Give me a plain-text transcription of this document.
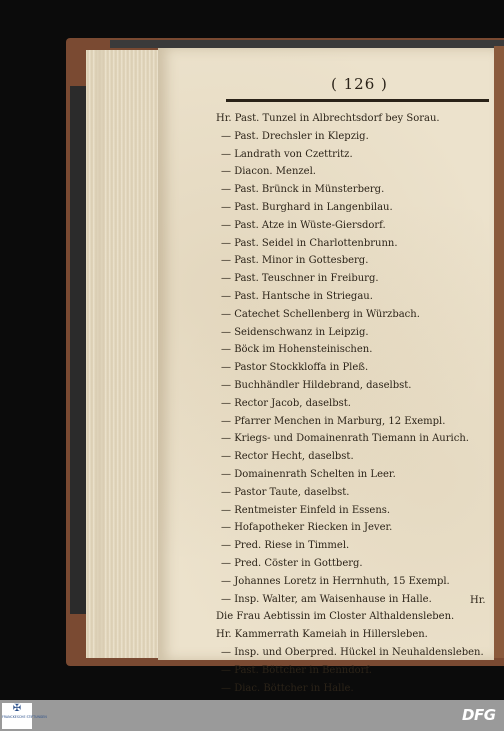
( 126 )
Hr. Past. Tunzel in Albrechtsdorf bey Sorau.
— Past. Drechsler in Klepzig.
— Landrath von Czettritz.
— Diacon. Menzel.
— Past. Brünck in Münsterberg.
— Past. Burghard in Langenbilau.
— Past. Atze in Wüste-Giersdorf.
— Past. Seidel in Charlottenbrunn.
— Past. Minor in Gottesberg.
— Past. Teuschner in Freiburg.
— Past. Hantsche in Striegau.
— Catechet Schellenberg in Würzbach.
— Seidenschwanz in Leipzig.
— Böck im Hohensteinischen.
— Pastor Stockkloffa in Pleß.
— Buchhändler Hildebrand, daselbst.
— Rector Jacob, daselbst.
— Pfarrer Menchen in Marburg, 12 Exempl.
— Kriegs- und Domainenrath Tiemann in Aurich.
— Rector Hecht, daselbst.
— Domainenrath Schelten in Leer.
— Pastor Taute, daselbst.
— Rentmeister Einfeld in Essens.
— Hofapotheker Riecken in Jever.
— Pred. Riese in Timmel.
— Pred. Cöster in Gottberg.
— Johannes Loretz in Herrnhuth, 15 Exempl.
— Insp. Walter, am Waisenhause in Halle.
Die Frau Aebtissin im Closter Althaldensleben.
Hr. Kammerrath Kameiah in Hillersleben.
— Insp. und Oberpred. Hückel in Neuhaldensleben.
— Past. Böttcher in Benndorf.
— Diac. Böttcher in Halle.
Hr.
✠
FRANCKESCHE STIFTUNGEN	DFG
